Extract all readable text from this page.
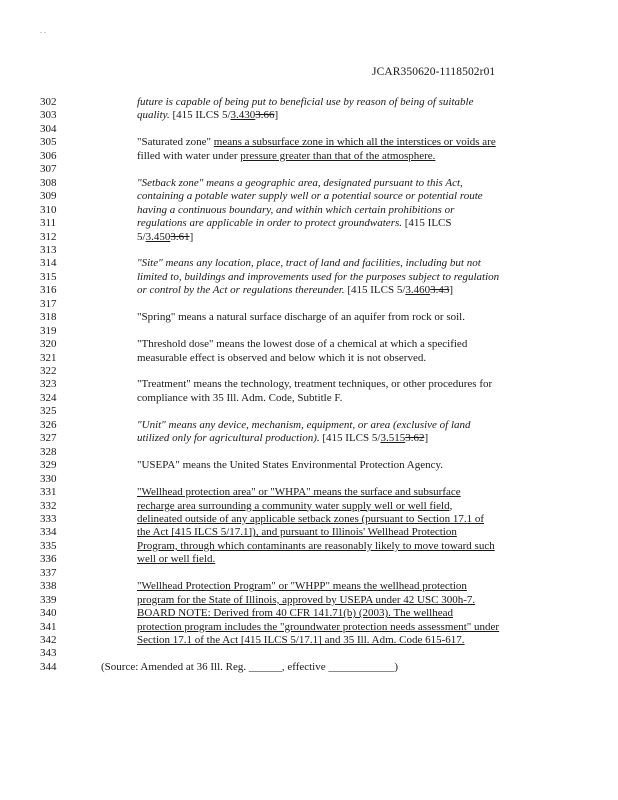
. .
JCAR350620-1118502r01
302	future is capable of being put to beneficial use by reason of being of suitable
303	quality. [415 ILCS 5/3.4303.66]
304
305	"Saturated zone" means a subsurface zone in which all the interstices or voids are
306	filled with water under pressure greater than that of the atmosphere.
307
308	"Setback zone" means a geographic area, designated pursuant to this Act,
309	containing a potable water supply well or a potential source or potential route
310	having a continuous boundary, and within which certain prohibitions or
311	regulations are applicable in order to protect groundwaters. [415 ILCS
312	5/3.4503.61]
313
314	"Site" means any location, place, tract of land and facilities, including but not
315	limited to, buildings and improvements used for the purposes subject to regulation
316	or control by the Act or regulations thereunder. [415 ILCS 5/3.4603.43]
317
318	"Spring" means a natural surface discharge of an aquifer from rock or soil.
319
320	"Threshold dose" means the lowest dose of a chemical at which a specified
321	measurable effect is observed and below which it is not observed.
322
323	"Treatment" means the technology, treatment techniques, or other procedures for
324	compliance with 35 Ill. Adm. Code, Subtitle F.
325
326	"Unit" means any device, mechanism, equipment, or area (exclusive of land
327	utilized only for agricultural production). [415 ILCS 5/3.5153.62]
328
329	"USEPA" means the United States Environmental Protection Agency.
330
331	"Wellhead protection area" or "WHPA" means the surface and subsurface
332	recharge area surrounding a community water supply well or well field,
333	delineated outside of any applicable setback zones (pursuant to Section 17.1 of
334	the Act [415 ILCS 5/17.1]), and pursuant to Illinois' Wellhead Protection
335	Program, through which contaminants are reasonably likely to move toward such
336	well or well field.
337
338	"Wellhead Protection Program" or "WHPP" means the wellhead protection
339	program for the State of Illinois, approved by USEPA under 42 USC 300h-7.
340	BOARD NOTE: Derived from 40 CFR 141.71(b) (2003). The wellhead
341	protection program includes the "groundwater protection needs assessment" under
342	Section 17.1 of the Act [415 ILCS 5/17.1] and 35 Ill. Adm. Code 615-617.
343
344	(Source: Amended at 36 Ill. Reg. ______, effective ____________)
